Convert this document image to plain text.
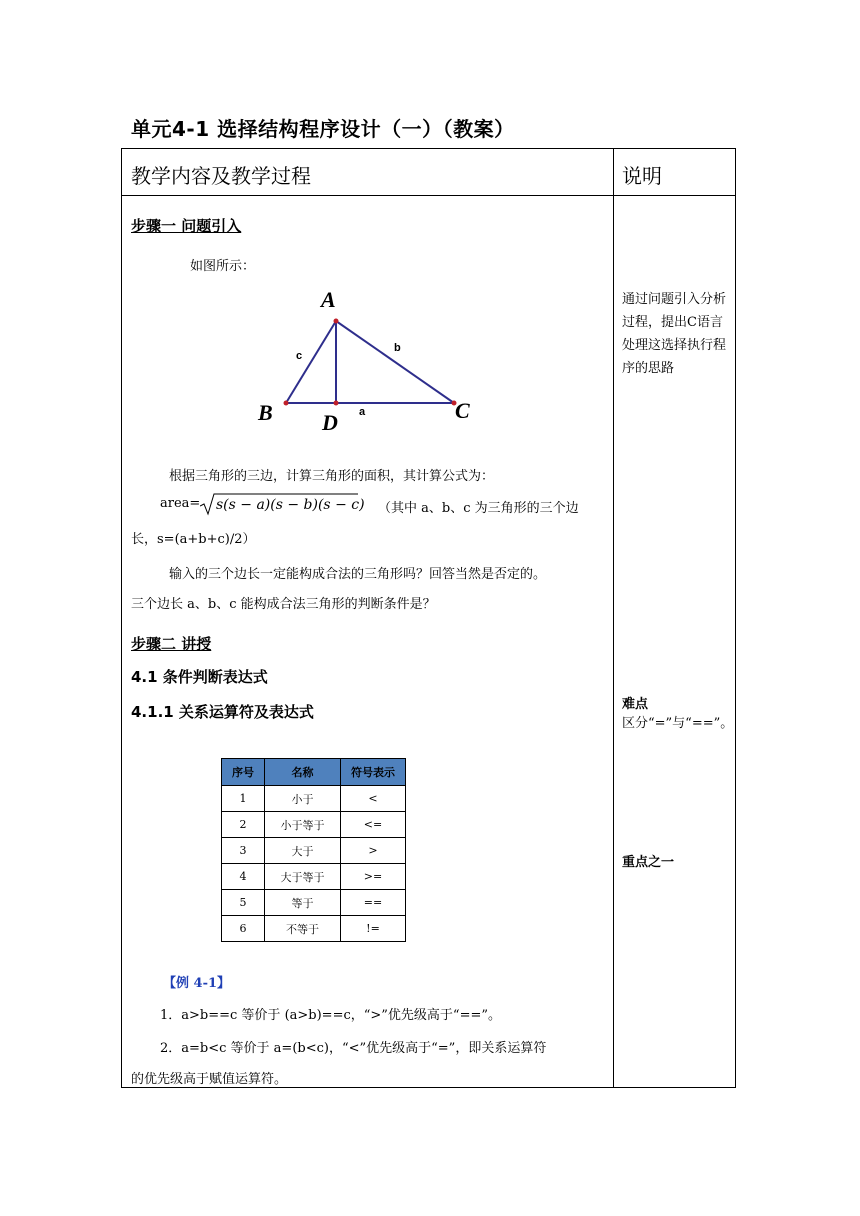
单元4-1 选择结构程序设计（一）（教案）
教学内容及教学过程	说明
步骤一 问题引入
如图所示：
A
B	C
D a
b
c
根据三角形的三边，计算三角形的面积，其计算公式为：
area= s(s − a)(s − b)(s − c) （其中 a、b、c 为三角形的三个边
长，s=(a+b+c)/2）
输入的三个边长一定能构成合法的三角形吗？回答当然是否定的。
三个边长 a、b、c 能构成合法三角形的判断条件是？
步骤二 讲授
4.1 条件判断表达式
4.1.1 关系运算符及表达式
序号	名称	符号表示
1	小于	<
2	小于等于	<=
3	大于	>
4	大于等于	>=
5	等于	==
6	不等于	!=
【例 4-1】
1．a>b==c 等价于 (a>b)==c，“>”优先级高于“==”。
2．a=b<c 等价于 a=(b<c)，“<”优先级高于“=”，即关系运算符
的优先级高于赋值运算符。
通过问题引入分析过程，提出C语言处理这选择执行程序的思路
难点
区分“=”与“==”。
重点之一
